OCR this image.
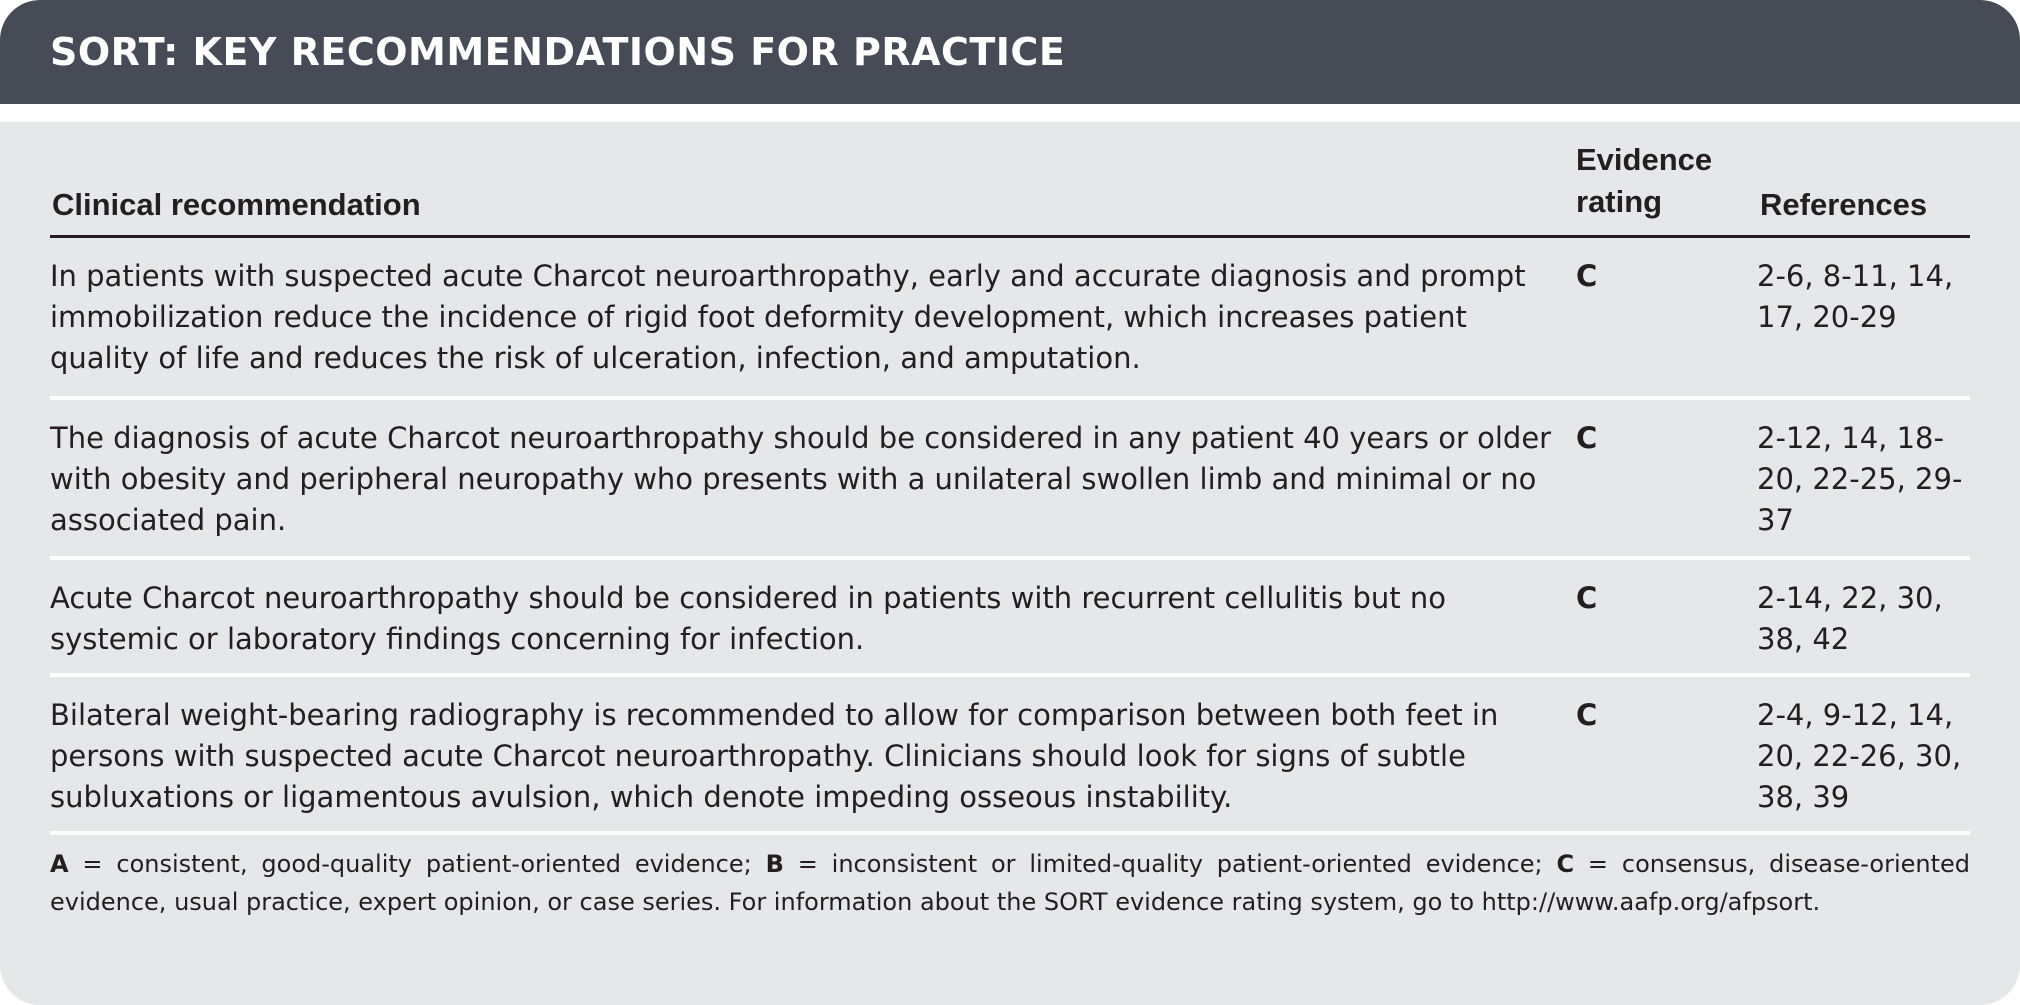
SORT: KEY RECOMMENDATIONS FOR PRACTICE
Clinical recommendation
Evidence rating	References
In patients with suspected acute Charcot neuroarthropathy, early and accurate diagnosis and prompt immobilization reduce the incidence of rigid foot deformity development, which increases patient quality of life and reduces the risk of ulceration, infection, and amputation.
C	2-6, 8-11, 14, 17, 20-29
The diagnosis of acute Charcot neuroarthropathy should be considered in any patient 40 years or older with obesity and peripheral neuropathy who presents with a unilateral swollen limb and minimal or no associated pain.
C	2-12, 14, 18-20, 22-25, 29-37
Acute Charcot neuroarthropathy should be considered in patients with recurrent cellulitis but no systemic or laboratory findings concerning for infection.
C	2-14, 22, 30, 38, 42
Bilateral weight-bearing radiography is recommended to allow for comparison between both feet in persons with suspected acute Charcot neuroarthropathy. Clinicians should look for signs of subtle subluxations or ligamentous avulsion, which denote impeding osseous instability.
C	2-4, 9-12, 14, 20, 22-26, 30, 38, 39
A = consistent, good-quality patient-oriented evidence; B = inconsistent or limited-quality patient-oriented evidence; C = consensus, disease-oriented evidence, usual practice, expert opinion, or case series. For information about the SORT evidence rating system, go to http://www.aafp.org/afpsort.
